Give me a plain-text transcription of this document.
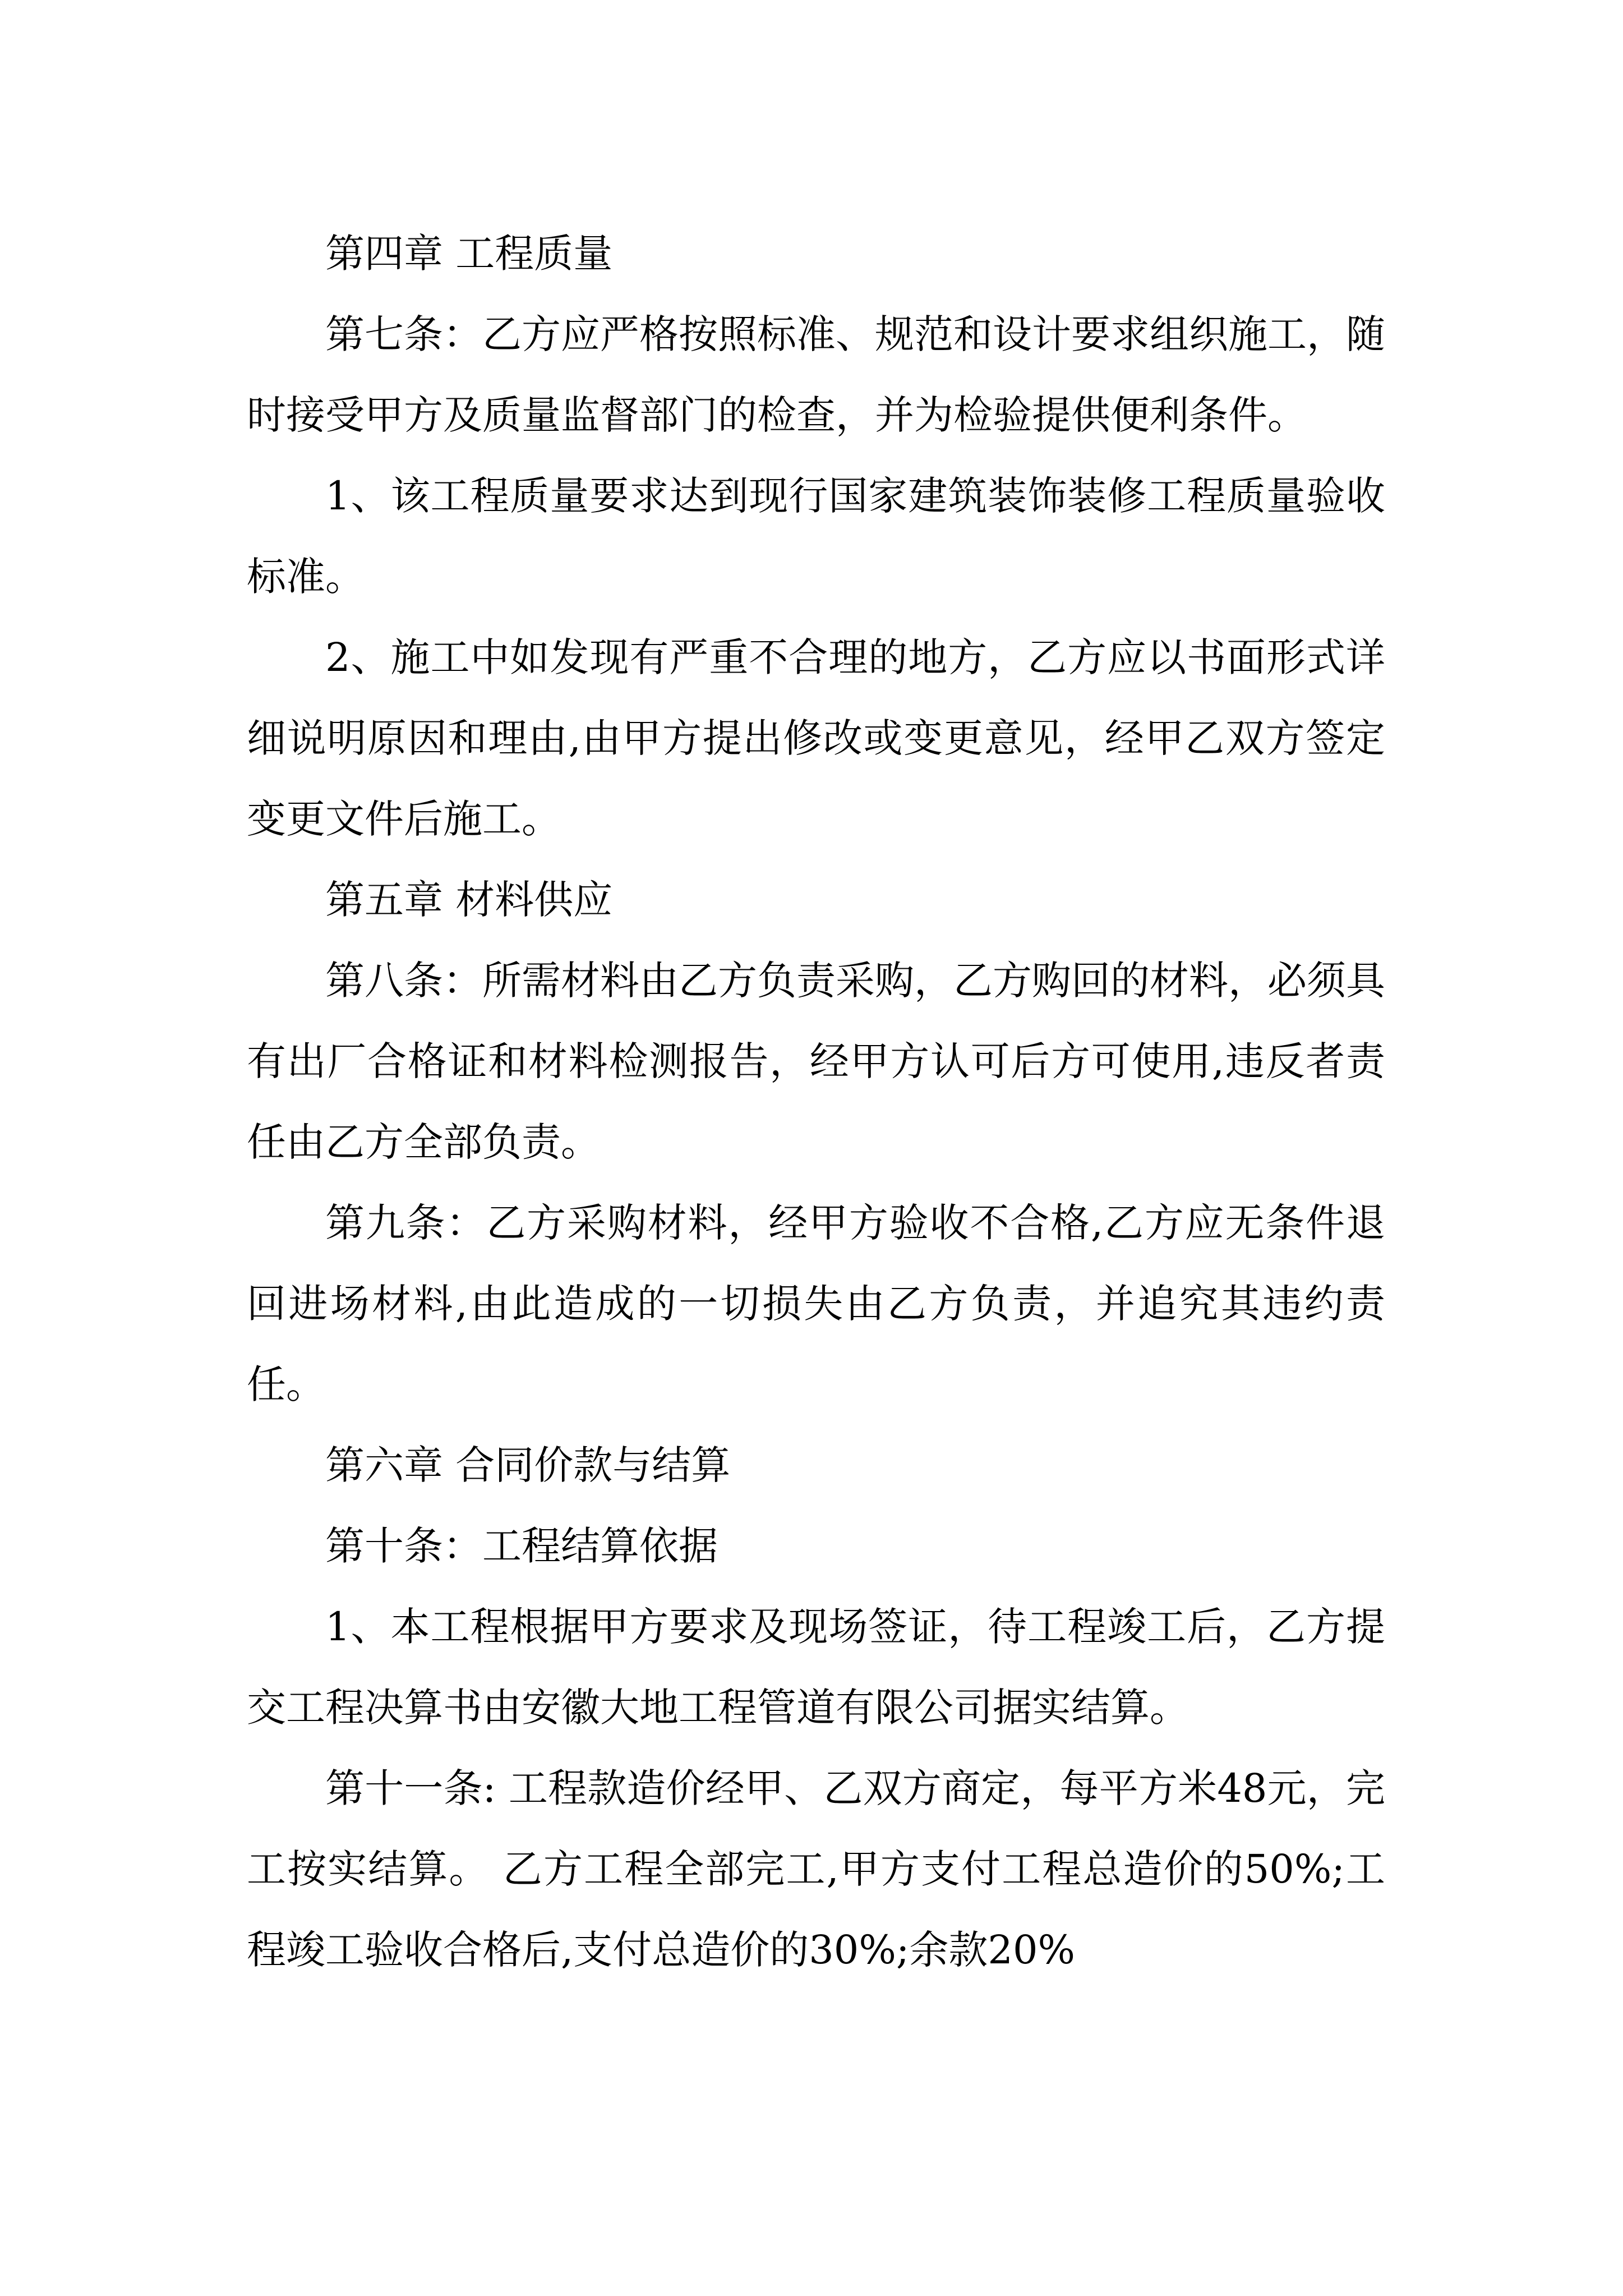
第四章 工程质量

第七条：乙方应严格按照标准、规范和设计要求组织施工，随时接受甲方及质量监督部门的检查，并为检验提供便利条件。

1、该工程质量要求达到现行国家建筑装饰装修工程质量验收标准。

2、施工中如发现有严重不合理的地方，乙方应以书面形式详细说明原因和理由,由甲方提出修改或变更意见，经甲乙双方签定变更文件后施工。

第五章 材料供应

第八条：所需材料由乙方负责采购，乙方购回的材料，必须具有出厂合格证和材料检测报告，经甲方认可后方可使用,违反者责任由乙方全部负责。

第九条：乙方采购材料，经甲方验收不合格,乙方应无条件退回进场材料,由此造成的一切损失由乙方负责，并追究其违约责任。

第六章 合同价款与结算

第十条：工程结算依据

1、本工程根据甲方要求及现场签证，待工程竣工后，乙方提交工程决算书由安徽大地工程管道有限公司据实结算。

第十一条: 工程款造价经甲、乙双方商定，每平方米48元，完工按实结算。 乙方工程全部完工,甲方支付工程总造价的50%;工程竣工验收合格后,支付总造价的30%;余款20%
